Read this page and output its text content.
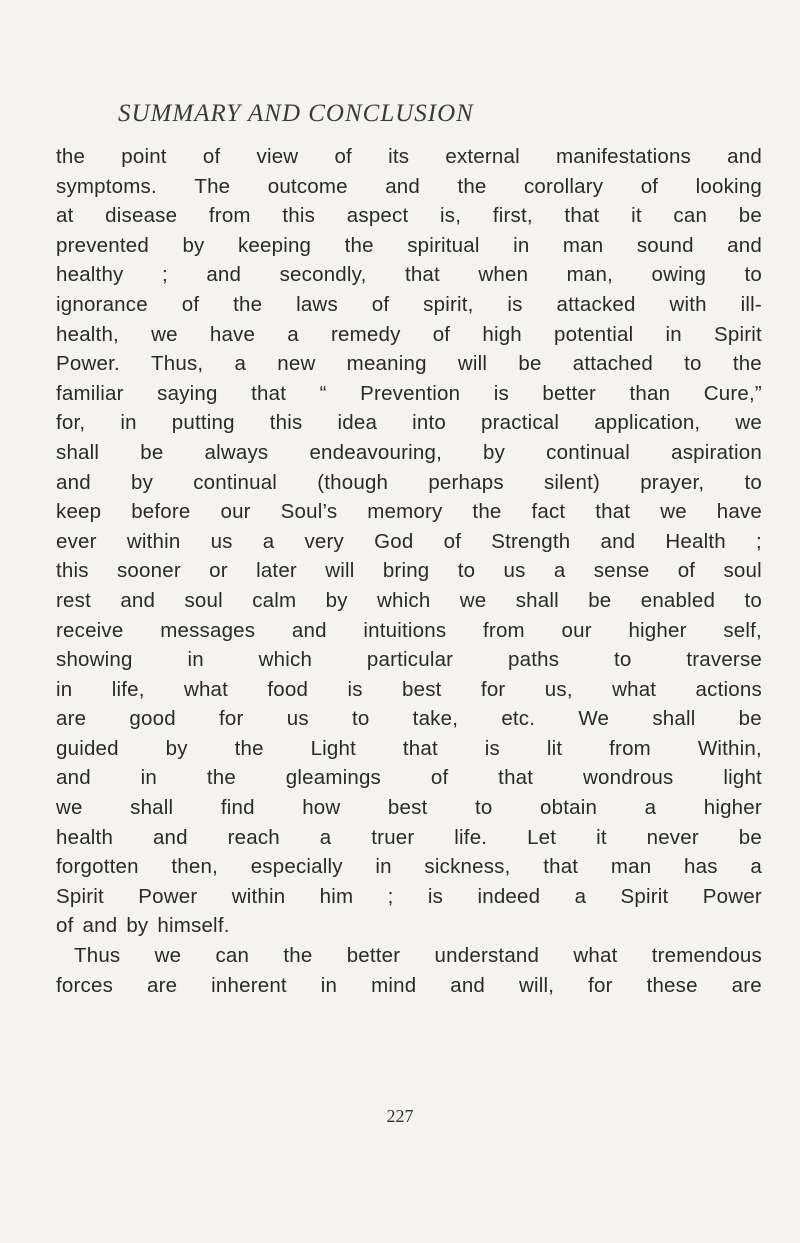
SUMMARY AND CONCLUSION
the point of view of its external manifestations and
symptoms. The outcome and the corollary of looking
at disease from this aspect is, first, that it can be
prevented by keeping the spiritual in man sound and
healthy ; and secondly, that when man, owing to
ignorance of the laws of spirit, is attacked with ill-
health, we have a remedy of high potential in Spirit
Power. Thus, a new meaning will be attached to the
familiar saying that “ Prevention is better than Cure,”
for, in putting this idea into practical application, we
shall be always endeavouring, by continual aspiration
and by continual (though perhaps silent) prayer, to
keep before our Soul’s memory the fact that we have
ever within us a very God of Strength and Health ;
this sooner or later will bring to us a sense of soul
rest and soul calm by which we shall be enabled to
receive messages and intuitions from our higher self,
showing	in	which	particular	paths	to	traverse
in life, what food is best for us, what actions
are good for us to take, etc. We shall be
guided by the Light that is lit from Within,
and in the gleamings of that wondrous light
we shall find how best to obtain a higher
health and reach a truer life. Let it never be
forgotten then, especially in sickness, that man has a
Spirit Power within him ; is indeed a Spirit Power
of and by himself.
Thus we can the better understand what tremendous
forces are inherent in mind and will, for these are
227
